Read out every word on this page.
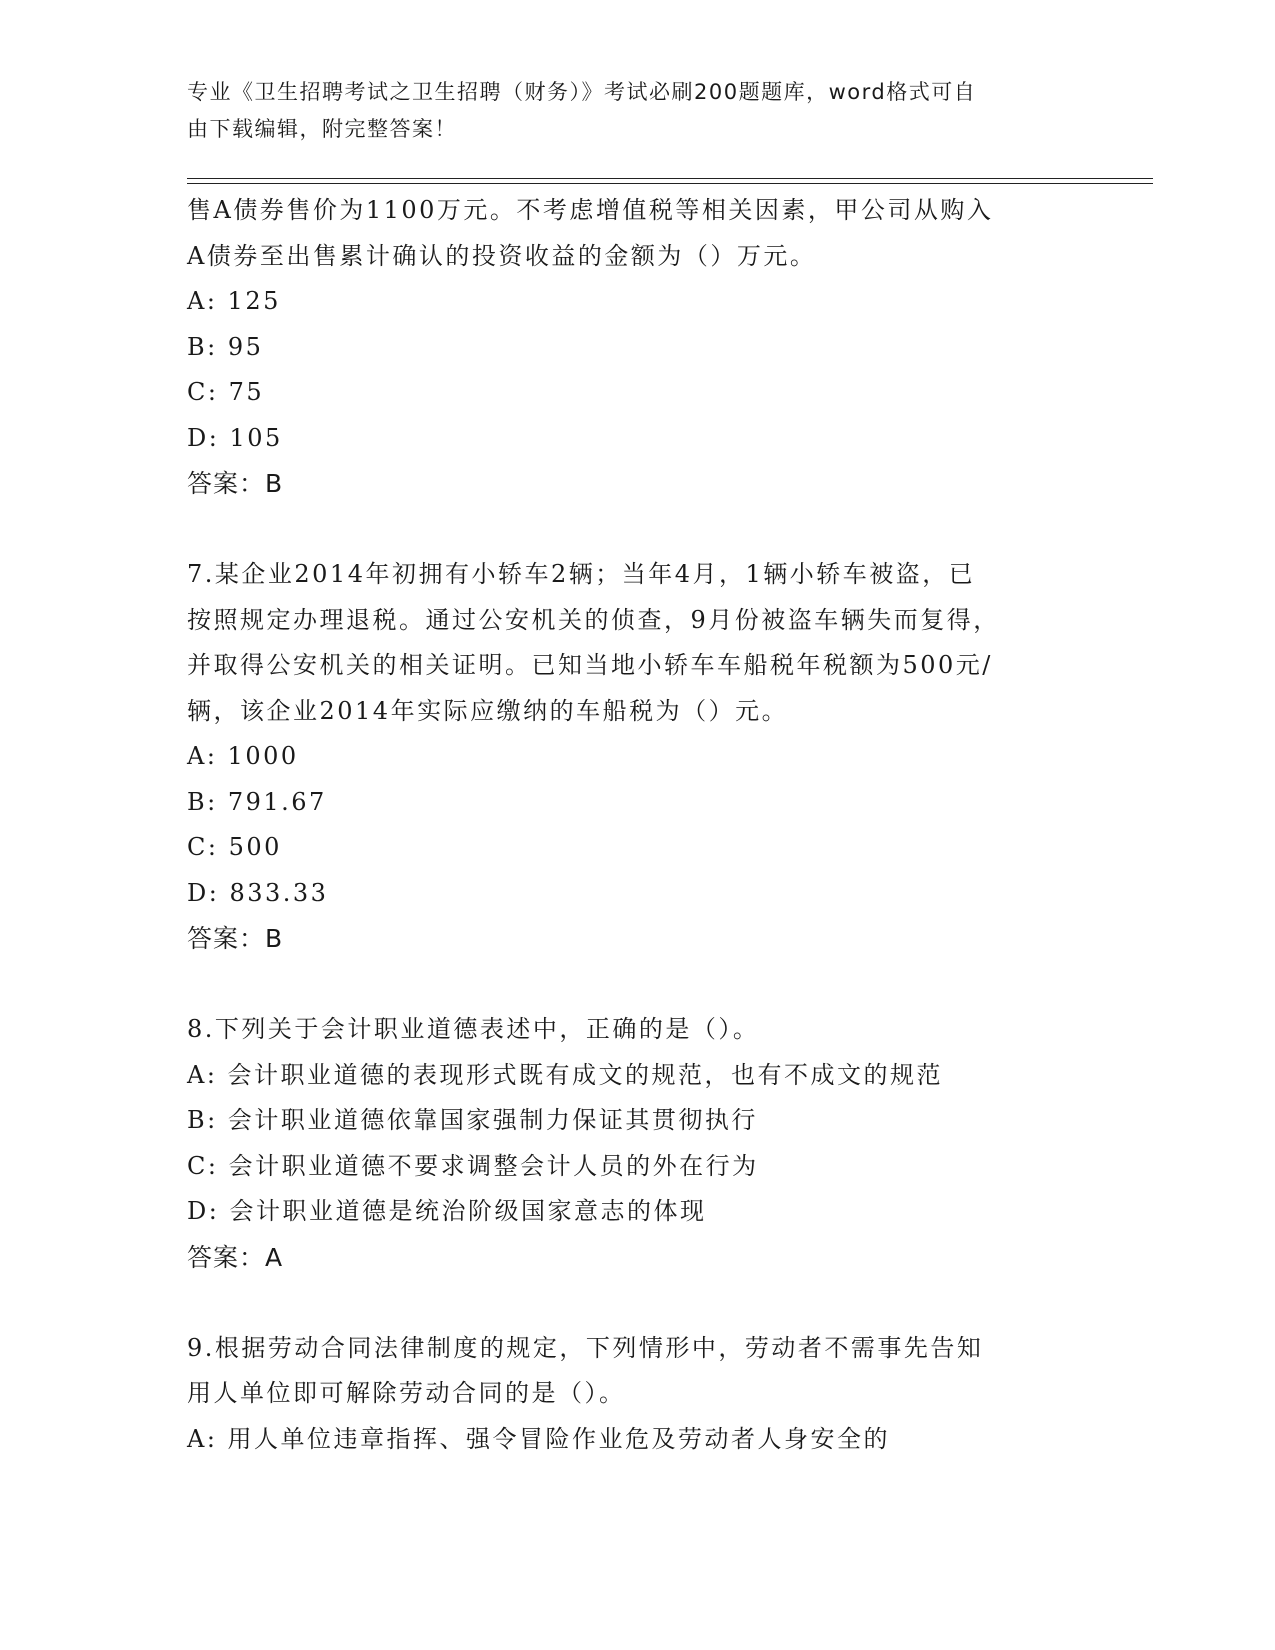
专业《卫生招聘考试之卫生招聘（财务）》考试必刷200题题库，word格式可自
由下载编辑，附完整答案！
售A债券售价为1100万元。不考虑增值税等相关因素，甲公司从购入
A债券至出售累计确认的投资收益的金额为（）万元。
A: 125
B: 95
C: 75
D: 105
答案：B
7.某企业2014年初拥有小轿车2辆；当年4月，1辆小轿车被盗，已
按照规定办理退税。通过公安机关的侦查，9月份被盗车辆失而复得，
并取得公安机关的相关证明。已知当地小轿车车船税年税额为500元/
辆，该企业2014年实际应缴纳的车船税为（）元。
A: 1000
B: 791.67
C: 500
D: 833.33
答案：B
8.下列关于会计职业道德表述中，正确的是（）。
A: 会计职业道德的表现形式既有成文的规范，也有不成文的规范
B: 会计职业道德依靠国家强制力保证其贯彻执行
C: 会计职业道德不要求调整会计人员的外在行为
D: 会计职业道德是统治阶级国家意志的体现
答案：A
9.根据劳动合同法律制度的规定，下列情形中，劳动者不需事先告知
用人单位即可解除劳动合同的是（）。
A: 用人单位违章指挥、强令冒险作业危及劳动者人身安全的
